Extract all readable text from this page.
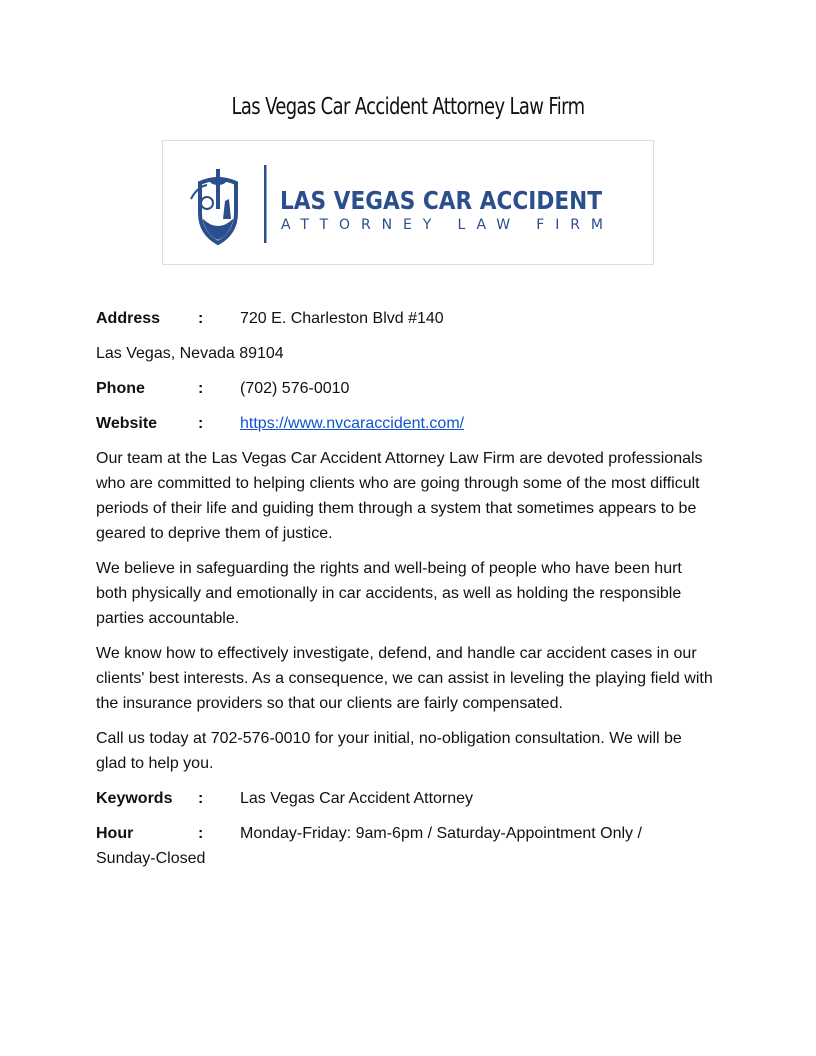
Las Vegas Car Accident Attorney Law Firm
LAS VEGAS CAR ACCIDENT
ATTORNEY LAW FIRM
Address	:	720 E. Charleston Blvd #140
Las Vegas, Nevada 89104
Phone	:	(702) 576-0010
Website	:	https://www.nvcaraccident.com/

Our team at the Las Vegas Car Accident Attorney Law Firm are devoted professionals who are committed to helping clients who are going through some of the most difficult periods of their life and guiding them through a system that sometimes appears to be geared to deprive them of justice.

We believe in safeguarding the rights and well-being of people who have been hurt both physically and emotionally in car accidents, as well as holding the responsible parties accountable.

We know how to effectively investigate, defend, and handle car accident cases in our clients' best interests. As a consequence, we can assist in leveling the playing field with the insurance providers so that our clients are fairly compensated.

Call us today at 702-576-0010 for your initial, no-obligation consultation. We will be glad to help you.

Keywords	:	Las Vegas Car Accident Attorney
Hour	: Monday-Friday: 9am-6pm / Saturday-Appointment Only /
Sunday-Closed
